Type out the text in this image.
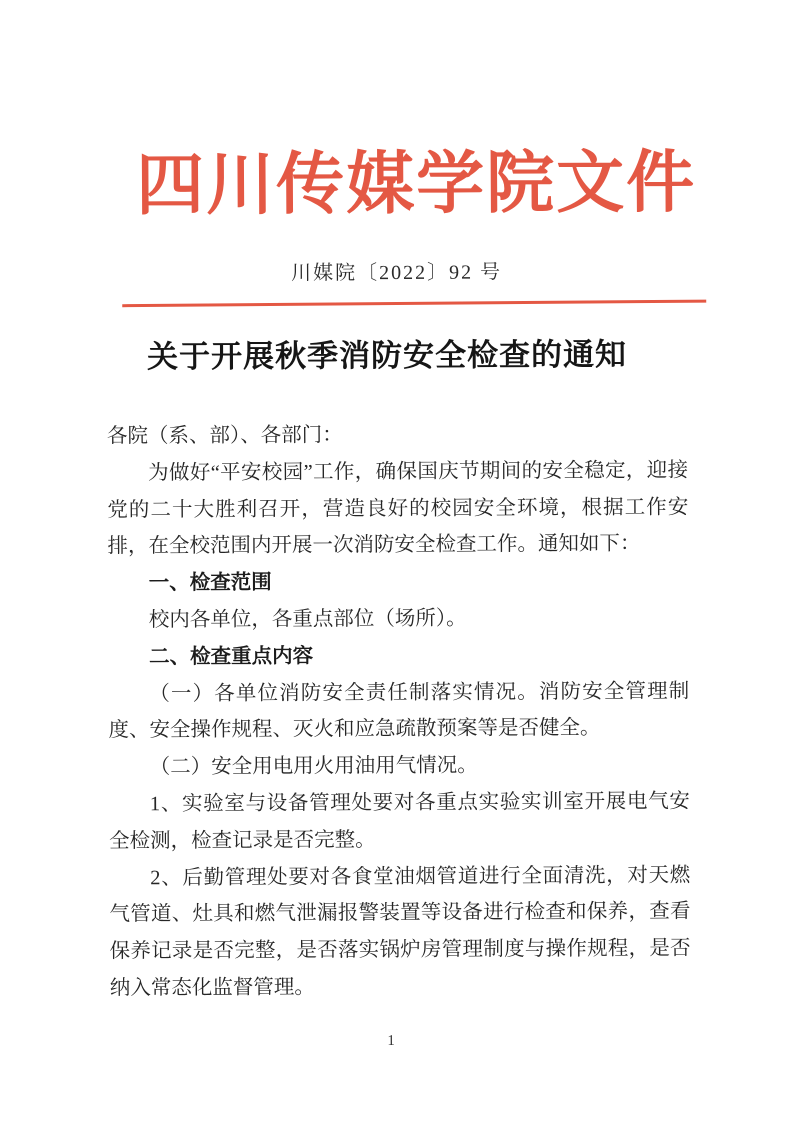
四川传媒学院文件
川媒院〔2022〕92 号
关于开展秋季消防安全检查的通知

各院（系、部）、各部门：

为做好“平安校园”工作，确保国庆节期间的安全稳定，迎接党的二十大胜利召开，营造良好的校园安全环境，根据工作安排，在全校范围内开展一次消防安全检查工作。通知如下：

一、检查范围

校内各单位，各重点部位（场所）。

二、检查重点内容

（一）各单位消防安全责任制落实情况。消防安全管理制度、安全操作规程、灭火和应急疏散预案等是否健全。

（二）安全用电用火用油用气情况。

1、实验室与设备管理处要对各重点实验实训室开展电气安全检测，检查记录是否完整。

2、后勤管理处要对各食堂油烟管道进行全面清洗，对天燃气管道、灶具和燃气泄漏报警装置等设备进行检查和保养，查看保养记录是否完整，是否落实锅炉房管理制度与操作规程，是否纳入常态化监督管理。

1
